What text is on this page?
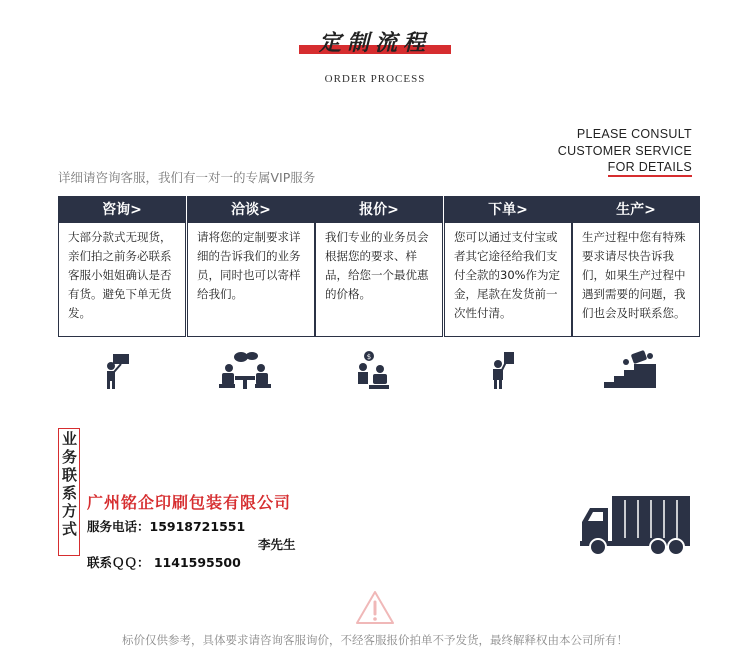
定制流程
ORDER PROCESS
PLEASE CONSULT
CUSTOMER SERVICE
FOR DETAILS
详细请咨询客服，我们有一对一的专属VIP服务
咨询>
大部分款式无现货，亲们拍之前务必联系客服小姐姐确认是否有货。避免下单无货发。
洽谈>
请将您的定制要求详细的告诉我们的业务员，同时也可以寄样给我们。
报价>
我们专业的业务员会根据您的要求、样品，给您一个最优惠的价格。
下单>
您可以通过支付宝或者其它途径给我们支付全款的30%作为定金，尾款在发货前一次性付清。
生产>
生产过程中您有特殊要求请尽快告诉我们，如果生产过程中遇到需要的问题，我们也会及时联系您。
$
业务联系方式 广州铭企印刷包装有限公司
服务电话：15918721551
李先生
联系ＱＱ： 1141595500
标价仅供参考，具体要求请咨询客服询价，不经客服报价拍单不予发货，最终解释权由本公司所有！
